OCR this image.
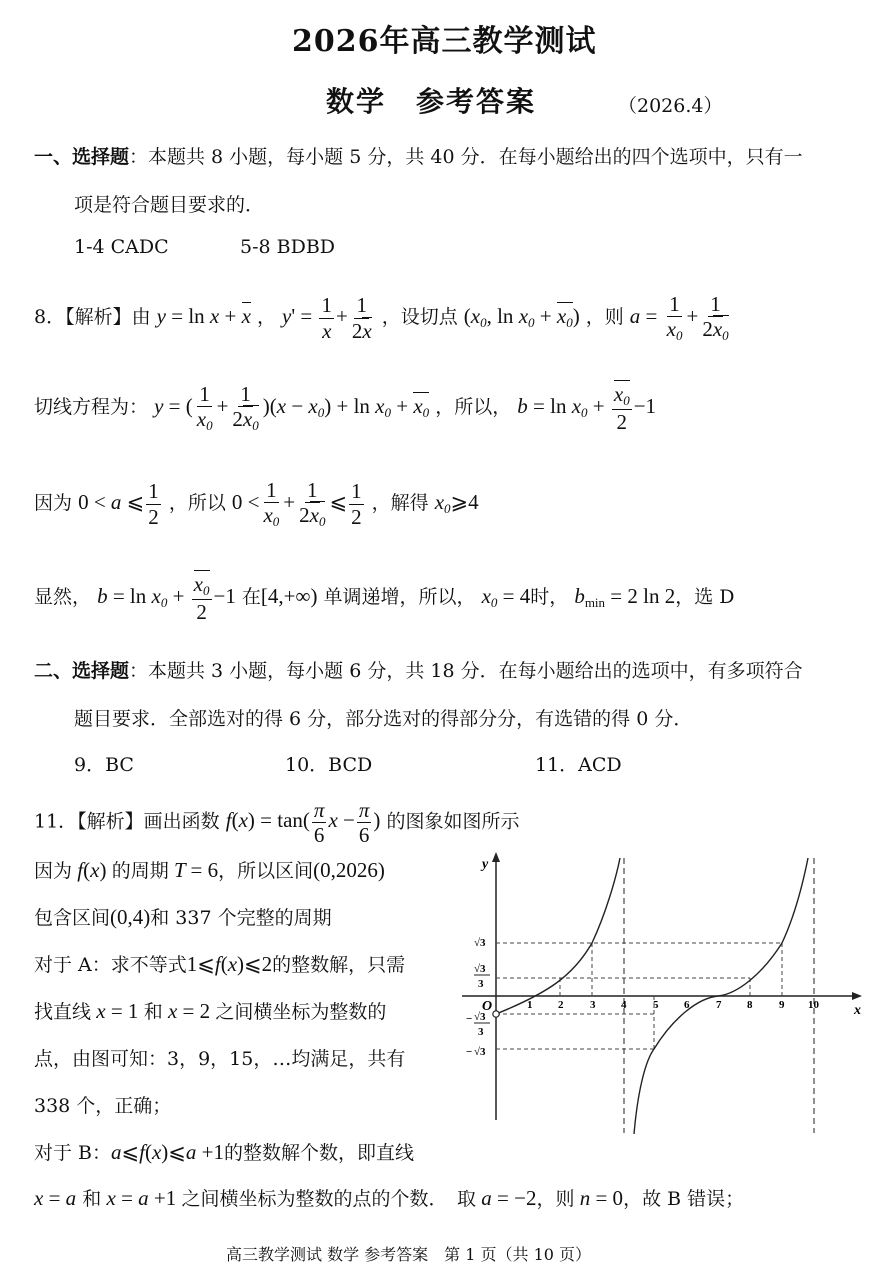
2026年高三教学测试
数学　参考答案	（2026.4）
一、选择题：本题共 8 小题，每小题 5 分，共 40 分．在每小题给出的四个选项中，只有一
项是符合题目要求的．
1-4 CADC	5-8 BDBD
8．【解析】由 y = ln x + x ， $y' = \frac{1}{x} + \frac{1}{2x}$ ，设切点 ($x_0$, $\ln x_0 + x_0$) ，则 $a = \frac{1}{x_0} + \frac{1}{2x_0}$
切线方程为： y = ( $\frac{1}{x_0} + \frac{1}{2x_0} )(x - x_0) + \ln x_0 + x_0$ ，所以， $b = \ln x_0 + \frac{x_0}{2} -1$
因为 0 < a ⩽ $\frac{1}{2}$ ，所以 $0 < \frac{1}{x_0} + \frac{1}{2x_0}$ ⩽ $\frac{1}{2}$ ，解得 $x_0⩾4$
显然， $b = \ln x_0 + \frac{x_0}{2} -1$ 在[4,+∞) 单调递增，所以， $x_0 = 4$时， $b_{min} = 2$ ln 2，选 D
二、选择题：本题共 3 小题，每小题 6 分，共 18 分．在每小题给出的选项中，有多项符合
题目要求．全部选对的得 6 分，部分选对的得部分分，有选错的得 0 分．
9．BC	10．BCD	11．ACD
11．【解析】画出函数 $f(x) = \tan( \frac{\pi}{6}$ $x - \frac{\pi}{6}$ ) 的图象如图所示
因为 f(x) 的周期 T = 6，所以区间(0,2026)
包含区间(0,4)和 337 个完整的周期
对于 A：求不等式1⩽f(x)⩽2的整数解，只需
找直线 x = 1 和 x = 2 之间横坐标为整数的
点，由图可知：3，9，15，…均满足，共有
338 个，正确；
对于 B：a⩽f(x)⩽a +1的整数解个数，即直线
x = a 和 x = a +1 之间横坐标为整数的点的个数．　取 a = −2，则 n = 0，故 B 错误；
y
x
O	1 2 3 4 5 6 7 8 9 10
√3
√3
3
− √3
3
− √3
高三教学测试 数学 参考答案　第 1 页（共 10 页）
